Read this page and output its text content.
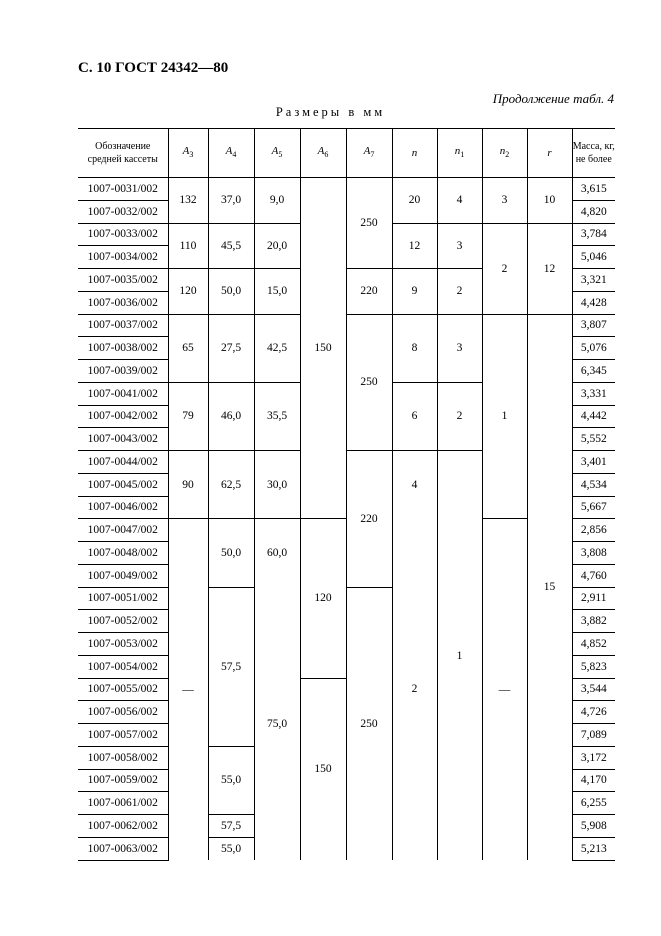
С. 10 ГОСТ 24342—80
Продолжение табл. 4
Размеры в мм
Обозначение средней кассеты	$A_3$	$A_4$	$A_5$	$A_6$	$A_7$	n	$n_1$	$n_2$	r	Масса, кг, не более
1007-0031/002	132	37,0	9,0	150	250	20	4	3	10	3,615
1007-0032/002										4,820
1007-0033/002	110	45,5	20,0			12	3	2	12	3,784
1007-0034/002										5,046
1007-0035/002	120	50,0	15,0		220	9	2			3,321
1007-0036/002										4,428
1007-0037/002	65	27,5	42,5		250	8	3	1	15	3,807
1007-0038/002										5,076
1007-0039/002										6,345
1007-0041/002	79	46,0	35,5			6	2			3,331
1007-0042/002										4,442
1007-0043/002										5,552
1007-0044/002	90	62,5	30,0		220	4	1			3,401
1007-0045/002										4,534
1007-0046/002										5,667
1007-0047/002	—	50,0	60,0	120		2		—		2,856
1007-0048/002										3,808
1007-0049/002										4,760
1007-0051/002		57,5	75,0		250					2,911
1007-0052/002										3,882
1007-0053/002										4,852
1007-0054/002										5,823
1007-0055/002				150						3,544
1007-0056/002										4,726
1007-0057/002										7,089
1007-0058/002		55,0								3,172
1007-0059/002										4,170
1007-0061/002										6,255
1007-0062/002		57,5								5,908
1007-0063/002		55,0								5,213
